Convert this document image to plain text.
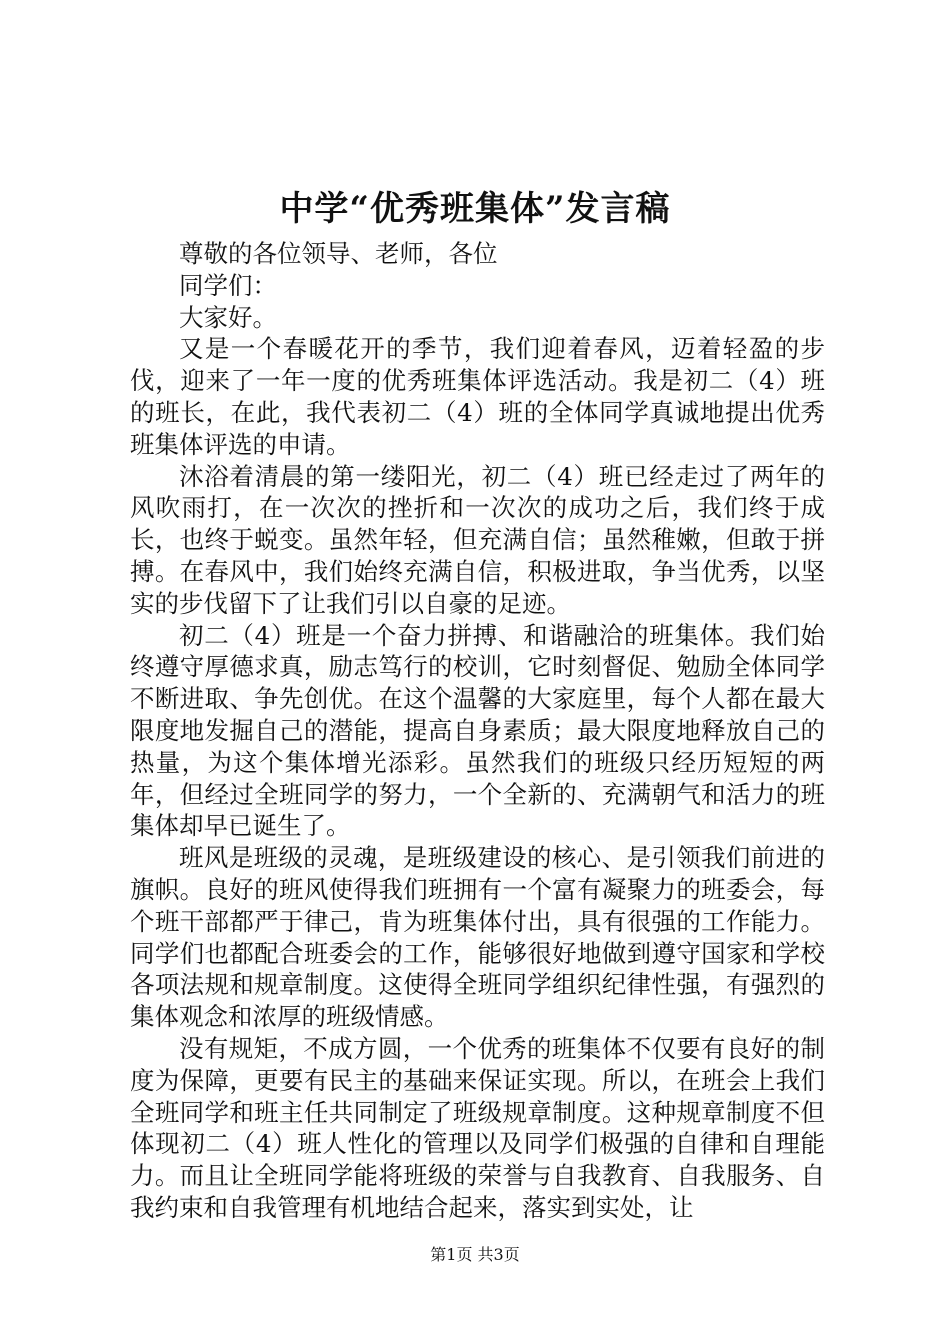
中学“优秀班集体”发言稿

尊敬的各位领导、老师，各位

同学们：

大家好。

又是一个春暖花开的季节，我们迎着春风，迈着轻盈的步伐，迎来了一年一度的优秀班集体评选活动。我是初二（4）班的班长，在此，我代表初二（4）班的全体同学真诚地提出优秀班集体评选的申请。

沐浴着清晨的第一缕阳光，初二（4）班已经走过了两年的风吹雨打，在一次次的挫折和一次次的成功之后，我们终于成长，也终于蜕变。虽然年轻，但充满自信；虽然稚嫩，但敢于拼搏。在春风中，我们始终充满自信，积极进取，争当优秀，以坚实的步伐留下了让我们引以自豪的足迹。

初二（4）班是一个奋力拼搏、和谐融洽的班集体。我们始终遵守厚德求真，励志笃行的校训，它时刻督促、勉励全体同学不断进取、争先创优。在这个温馨的大家庭里，每个人都在最大限度地发掘自己的潜能，提高自身素质；最大限度地释放自己的热量，为这个集体增光添彩。虽然我们的班级只经历短短的两年，但经过全班同学的努力，一个全新的、充满朝气和活力的班集体却早已诞生了。

班风是班级的灵魂，是班级建设的核心、是引领我们前进的旗帜。良好的班风使得我们班拥有一个富有凝聚力的班委会，每个班干部都严于律己，肯为班集体付出，具有很强的工作能力。同学们也都配合班委会的工作，能够很好地做到遵守国家和学校各项法规和规章制度。这使得全班同学组织纪律性强，有强烈的集体观念和浓厚的班级情感。

没有规矩，不成方圆，一个优秀的班集体不仅要有良好的制度为保障，更要有民主的基础来保证实现。所以，在班会上我们全班同学和班主任共同制定了班级规章制度。这种规章制度不但体现初二（4）班人性化的管理以及同学们极强的自律和自理能力。而且让全班同学能将班级的荣誉与自我教育、自我服务、自我约束和自我管理有机地结合起来，落实到实处，让

第1页 共3页
